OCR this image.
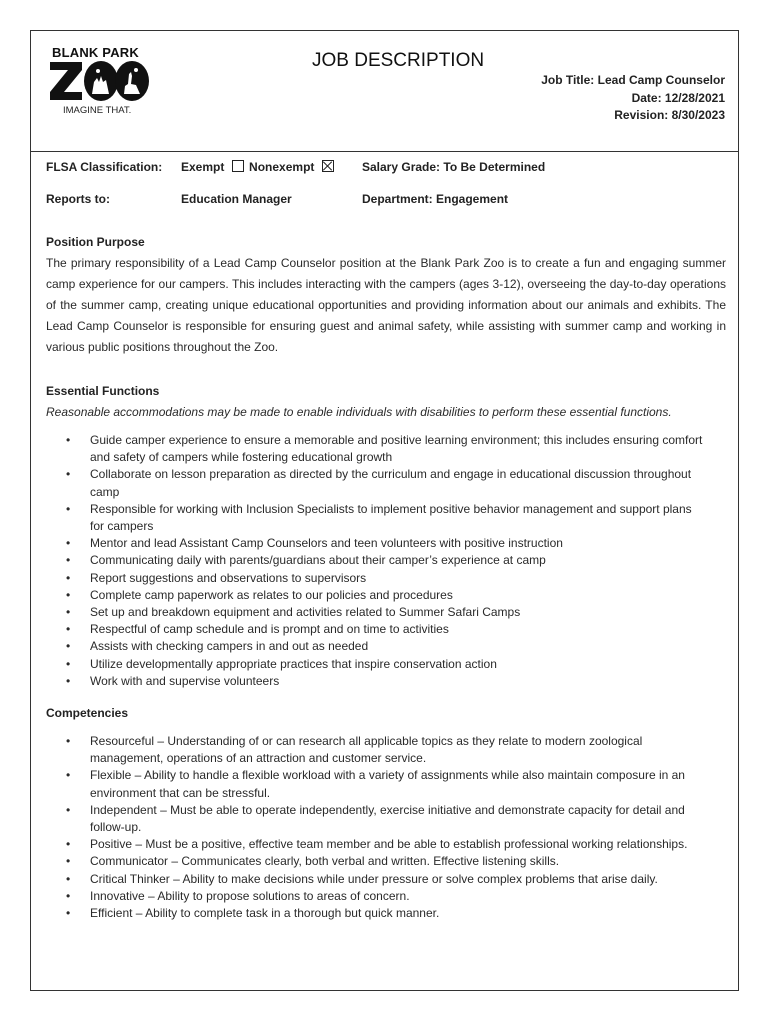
BLANK PARK
IMAGINE THAT.
JOB DESCRIPTION
Job Title: Lead Camp Counselor
Date: 12/28/2021
Revision: 8/30/2023
FLSA Classification: Exempt Nonexempt	Salary Grade: To Be Determined
Reports to:	Education Manager	Department: Engagement
Position Purpose
The primary responsibility of a Lead Camp Counselor position at the Blank Park Zoo is to create a fun and engaging summer camp experience for our campers. This includes interacting with the campers (ages 3-12), overseeing the day-to-day operations of the summer camp, creating unique educational opportunities and providing information about our animals and exhibits. The Lead Camp Counselor is responsible for ensuring guest and animal safety, while assisting with summer camp and working in various public positions throughout the Zoo.
Essential Functions
Reasonable accommodations may be made to enable individuals with disabilities to perform these essential functions.
• Guide camper experience to ensure a memorable and positive learning environment; this includes ensuring comfort and safety of campers while fostering educational growth
• Collaborate on lesson preparation as directed by the curriculum and engage in educational discussion throughout camp
• Responsible for working with Inclusion Specialists to implement positive behavior management and support plans for campers
• Mentor and lead Assistant Camp Counselors and teen volunteers with positive instruction
• Communicating daily with parents/guardians about their camper’s experience at camp
• Report suggestions and observations to supervisors
• Complete camp paperwork as relates to our policies and procedures
• Set up and breakdown equipment and activities related to Summer Safari Camps
• Respectful of camp schedule and is prompt and on time to activities
• Assists with checking campers in and out as needed
• Utilize developmentally appropriate practices that inspire conservation action
• Work with and supervise volunteers
Competencies
• Resourceful – Understanding of or can research all applicable topics as they relate to modern zoological management, operations of an attraction and customer service.
• Flexible – Ability to handle a flexible workload with a variety of assignments while also maintain composure in an environment that can be stressful.
• Independent – Must be able to operate independently, exercise initiative and demonstrate capacity for detail and follow-up.
• Positive – Must be a positive, effective team member and be able to establish professional working relationships.
• Communicator – Communicates clearly, both verbal and written. Effective listening skills.
• Critical Thinker – Ability to make decisions while under pressure or solve complex problems that arise daily.
• Innovative – Ability to propose solutions to areas of concern.
• Efficient – Ability to complete task in a thorough but quick manner.
